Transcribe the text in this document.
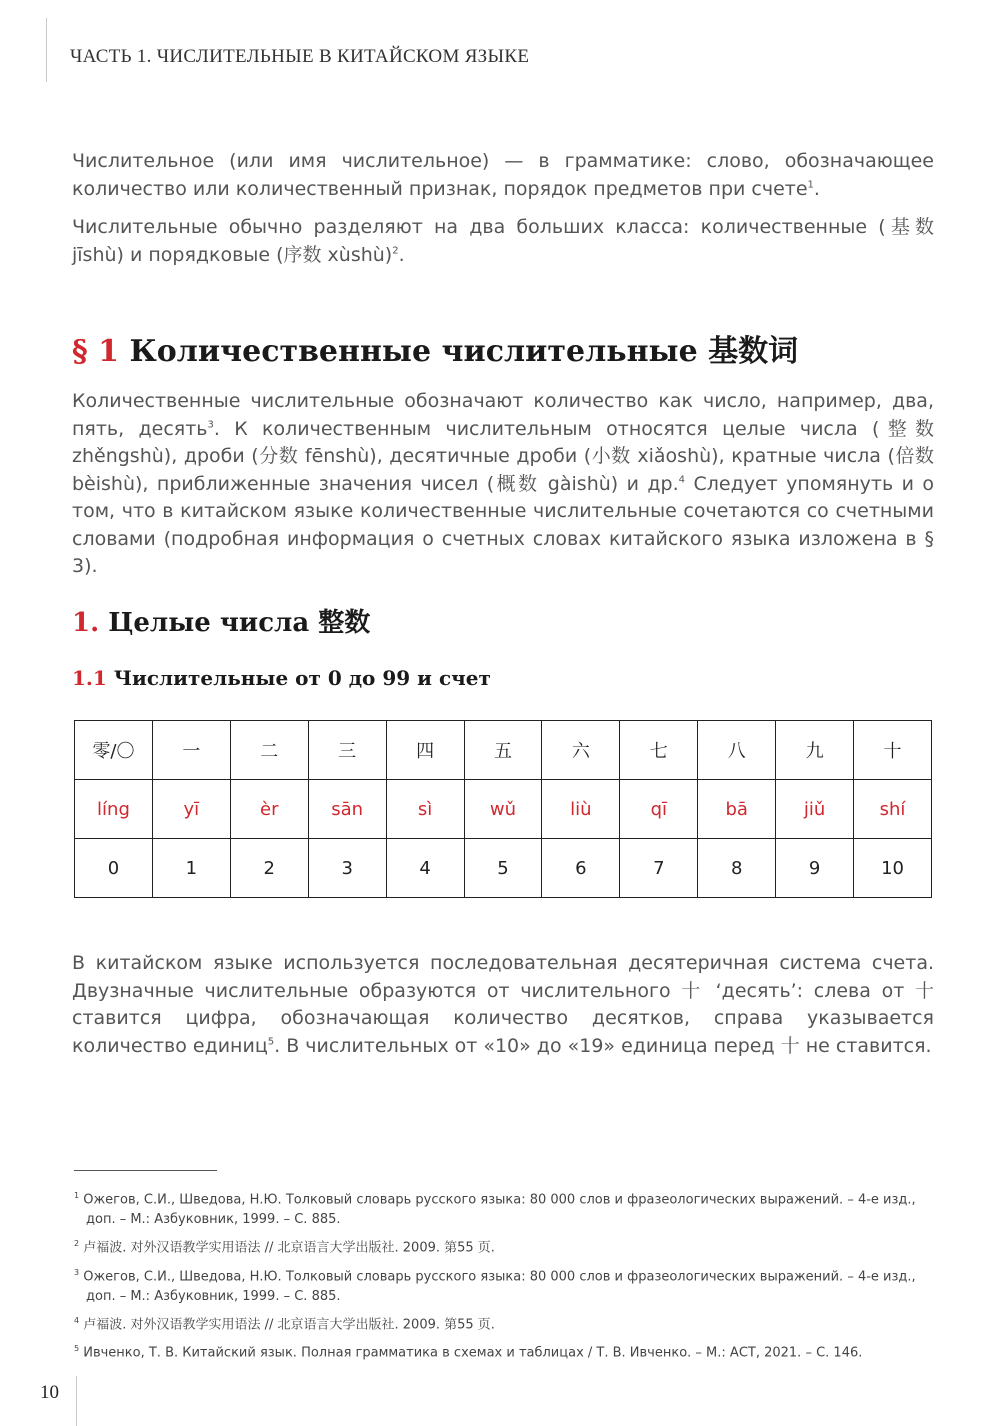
ЧАСТЬ 1. ЧИСЛИТЕЛЬНЫЕ В КИТАЙСКОМ ЯЗЫКЕ

Числительное (или имя числительное) — в грамматике: слово, обозначающее количество или количественный признак, порядок предметов при счете$^1$.

Числительные обычно разделяют на два больших класса: количественные (基数 jīshù) и порядковые (序数 xùshù)$^2$.

§ 1 Количественные числительные 基数词

Количественные числительные обозначают количество как число, например, два, пять, десять$^3$. К количественным числительным относятся целые числа (整数 zhěngshù), дроби (分数 fēnshù), десятичные дроби (小数 xiǎoshù), кратные числа (倍数 bèishù), приближенные значения чисел (概数 gàishù) и др.$^4$ Следует упомянуть и о том, что в китайском языке количественные числительные сочетаются со счетными словами (подробная информация о счетных словах китайского языка изложена в § 3).

1. Целые числа 整数
1.1 Числительные от 0 до 99 и счет
零/〇	一	二	三	四	五	六	七	八	九	十
líng	yī	èr	sān	sì	wǔ	liù	qī	bā	jiǔ	shí
0	1	2	3	4	5	6	7	8	9	10

В китайском языке используется последовательная десятеричная система счета. Двузначные числительные образуются от числительного 十 ‘десять’: слева от 十 ставится цифра, обозначающая количество десятков, справа указывается количество единиц$^5$. В числительных от «10» до «19» единица перед 十 не ставится.

$^1$ Ожегов, С.И., Шведова, Н.Ю. Толковый словарь русского языка: 80 000 слов и фразеологических выражений. – 4-е изд., доп. – М.: Азбуковник, 1999. – С. 885.

$^2$ 卢福波. 对外汉语教学实用语法 // 北京语言大学出版社. 2009. 第55 页.

$^3$ Ожегов, С.И., Шведова, Н.Ю. Толковый словарь русского языка: 80 000 слов и фразеологических выражений. – 4-е изд., доп. – М.: Азбуковник, 1999. – С. 885.

$^4$ 卢福波. 对外汉语教学实用语法 // 北京语言大学出版社. 2009. 第55 页.

$^5$ Ивченко, Т. В. Китайский язык. Полная грамматика в схемах и таблицах / Т. В. Ивченко. – М.: АСТ, 2021. – С. 146.

10
